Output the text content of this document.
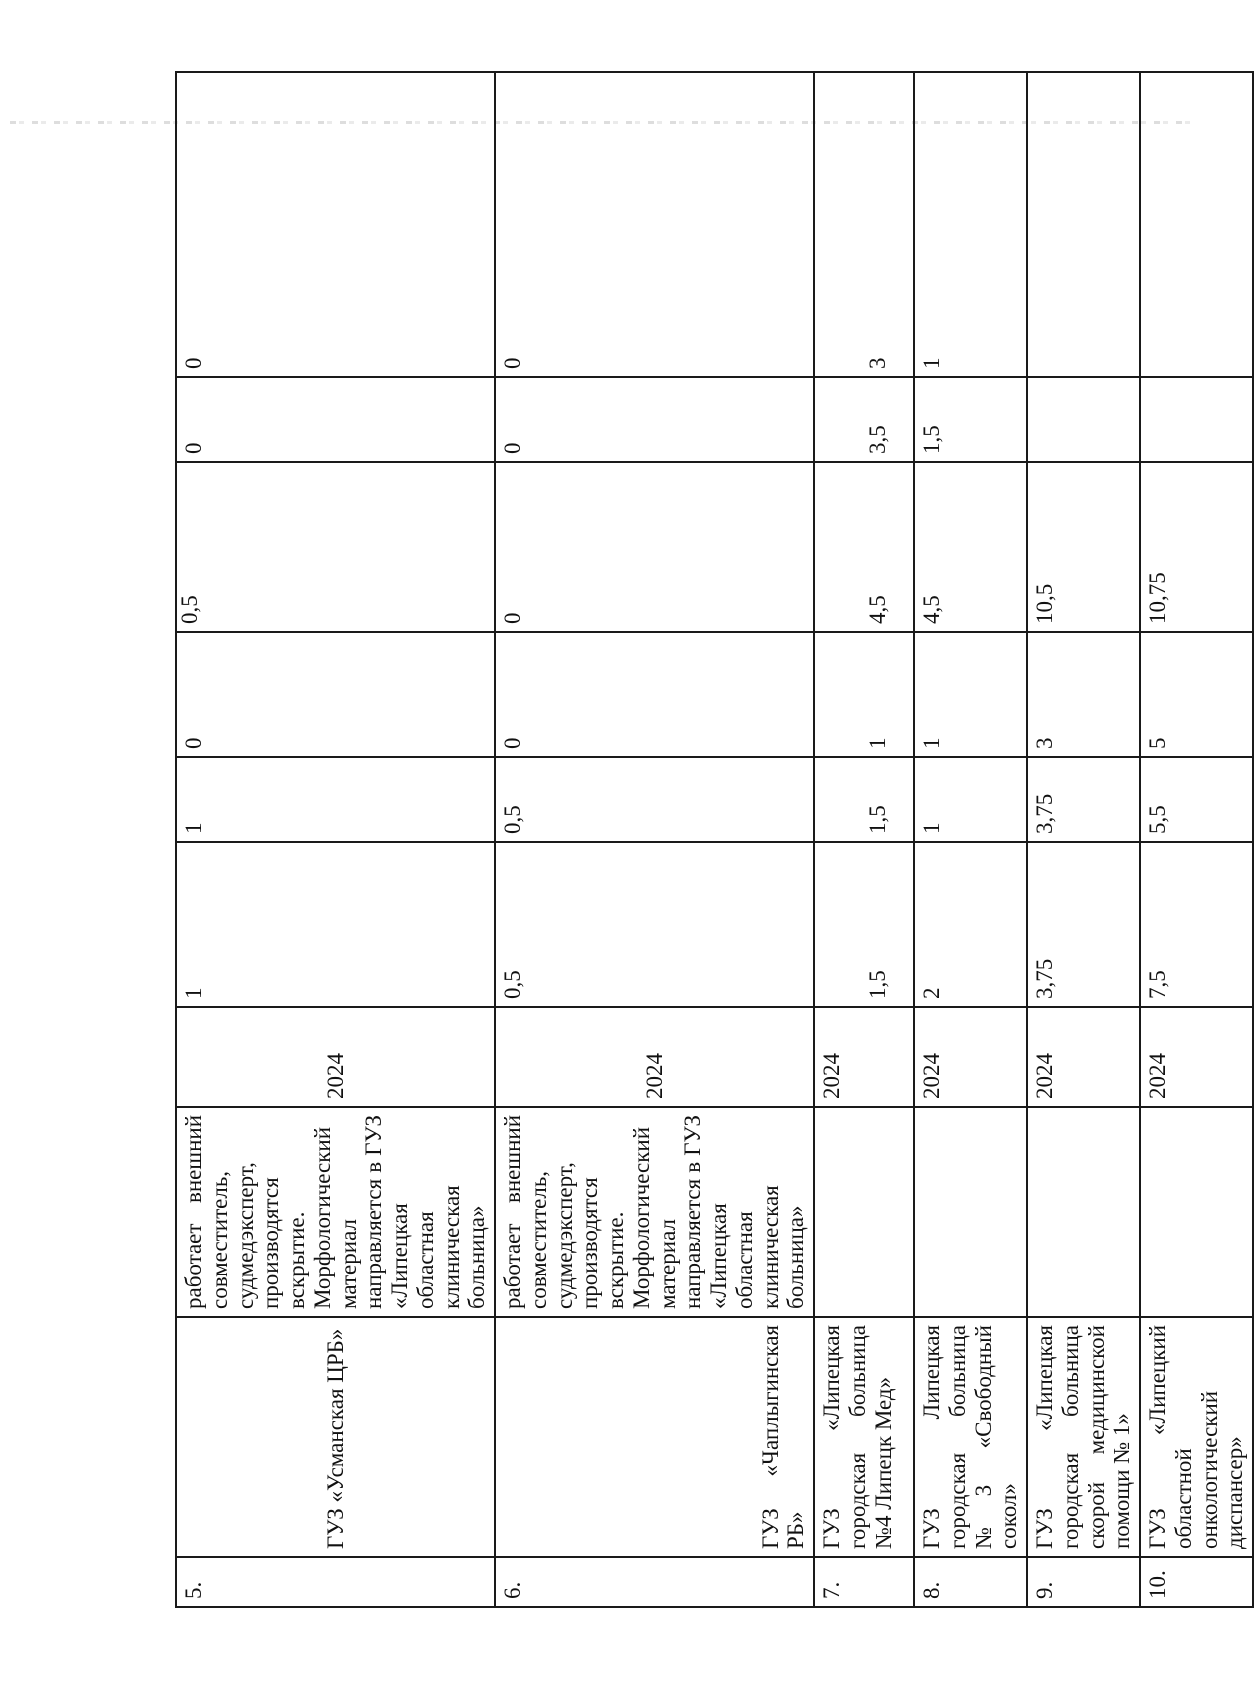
5.	ГУЗ «Усманская ЦРБ»	работает внешний совместитель, судмедэксперт, производятся вскрытие. Морфологический материал направляется в ГУЗ «Липецкая областная клиническая больница»	2024	1	1	0	0,5	0	0
6.	ГУЗ «Чаплыгинская РБ»	работает внешний совместитель, судмедэксперт, производятся вскрытие. Морфологический материал направляется в ГУЗ «Липецкая областная клиническая больница»	2024	0,5	0,5	0	0	0	0
7.	ГУЗ «Липецкая городская больница №4 Липецк Мед»		2024	1,5	1,5	1	4,5	3,5	3
8.	ГУЗ Липецкая городская больница №3 «Свободный сокол»		2024	2	1	1	4,5	1,5	1
9.	ГУЗ «Липецкая городская больница скорой медицинской помощи № 1»		2024	3,75	3,75	3	10,5		
10.	ГУЗ «Липецкий областной онкологический диспансер»		2024	7,5	5,5	5	10,75		
